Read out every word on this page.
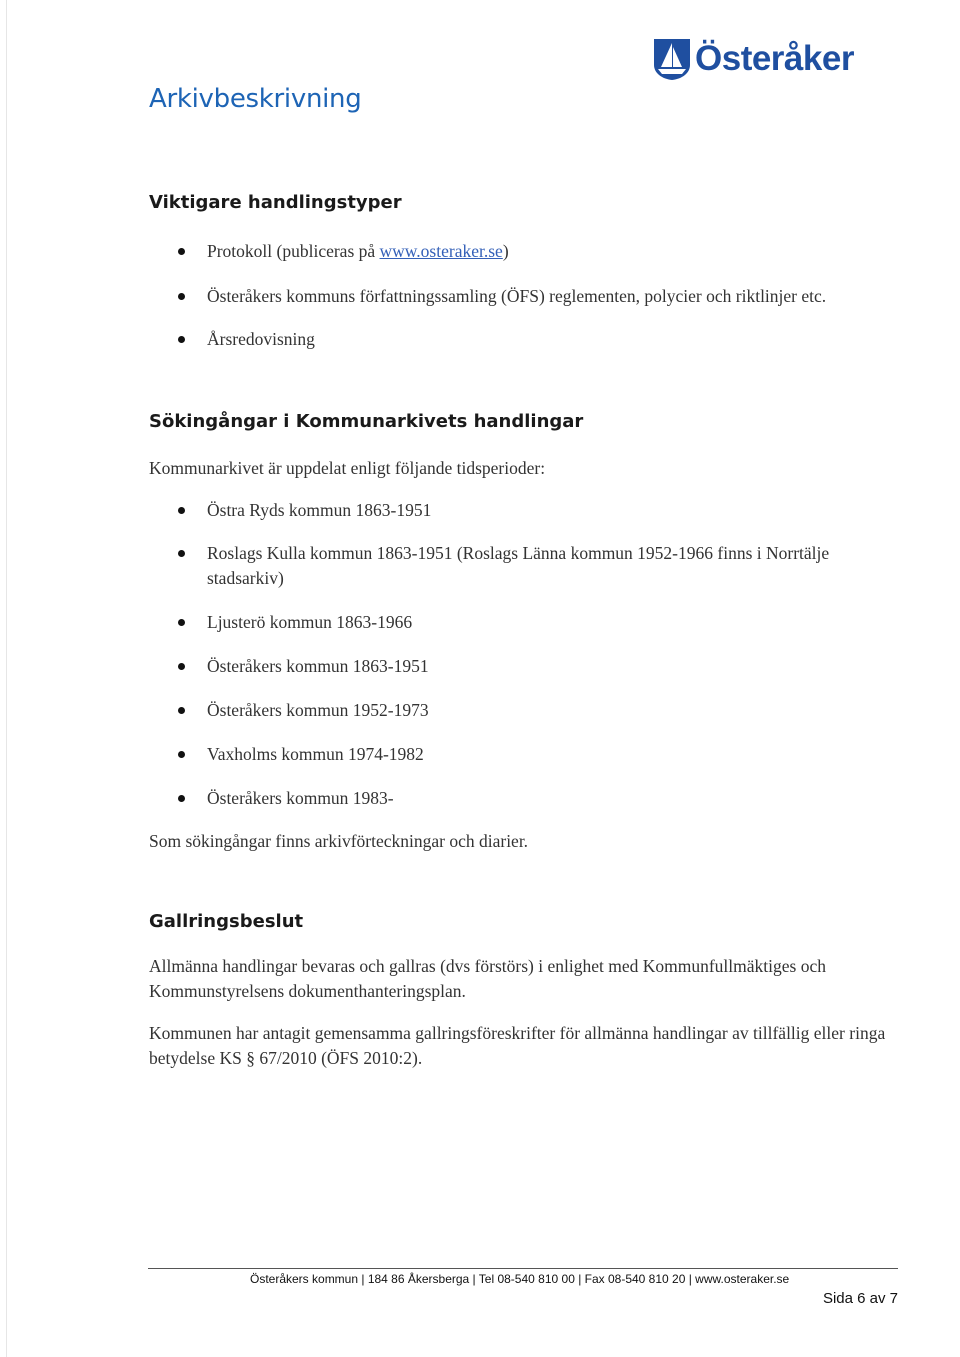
Österåker
Arkivbeskrivning
Viktigare handlingstyper
Protokoll (publiceras på www.osteraker.se)
Österåkers kommuns författningssamling (ÖFS) reglementen, polycier och riktlinjer etc.
Årsredovisning
Sökingångar i Kommunarkivets handlingar
Kommunarkivet är uppdelat enligt följande tidsperioder:
Östra Ryds kommun 1863-1951
Roslags Kulla kommun 1863-1951 (Roslags Länna kommun 1952-1966 finns i Norrtälje stadsarkiv)
Ljusterö kommun 1863-1966
Österåkers kommun 1863-1951
Österåkers kommun 1952-1973
Vaxholms kommun 1974-1982
Österåkers kommun 1983-
Som sökingångar finns arkivförteckningar och diarier.
Gallringsbeslut
Allmänna handlingar bevaras och gallras (dvs förstörs) i enlighet med Kommunfullmäktiges och Kommunstyrelsens dokumenthanteringsplan.
Kommunen har antagit gemensamma gallringsföreskrifter för allmänna handlingar av tillfällig eller ringa betydelse KS § 67/2010 (ÖFS 2010:2).
Österåkers kommun | 184 86 Åkersberga | Tel 08-540 810 00 | Fax 08-540 810 20 | www.osteraker.se
Sida 6 av 7
